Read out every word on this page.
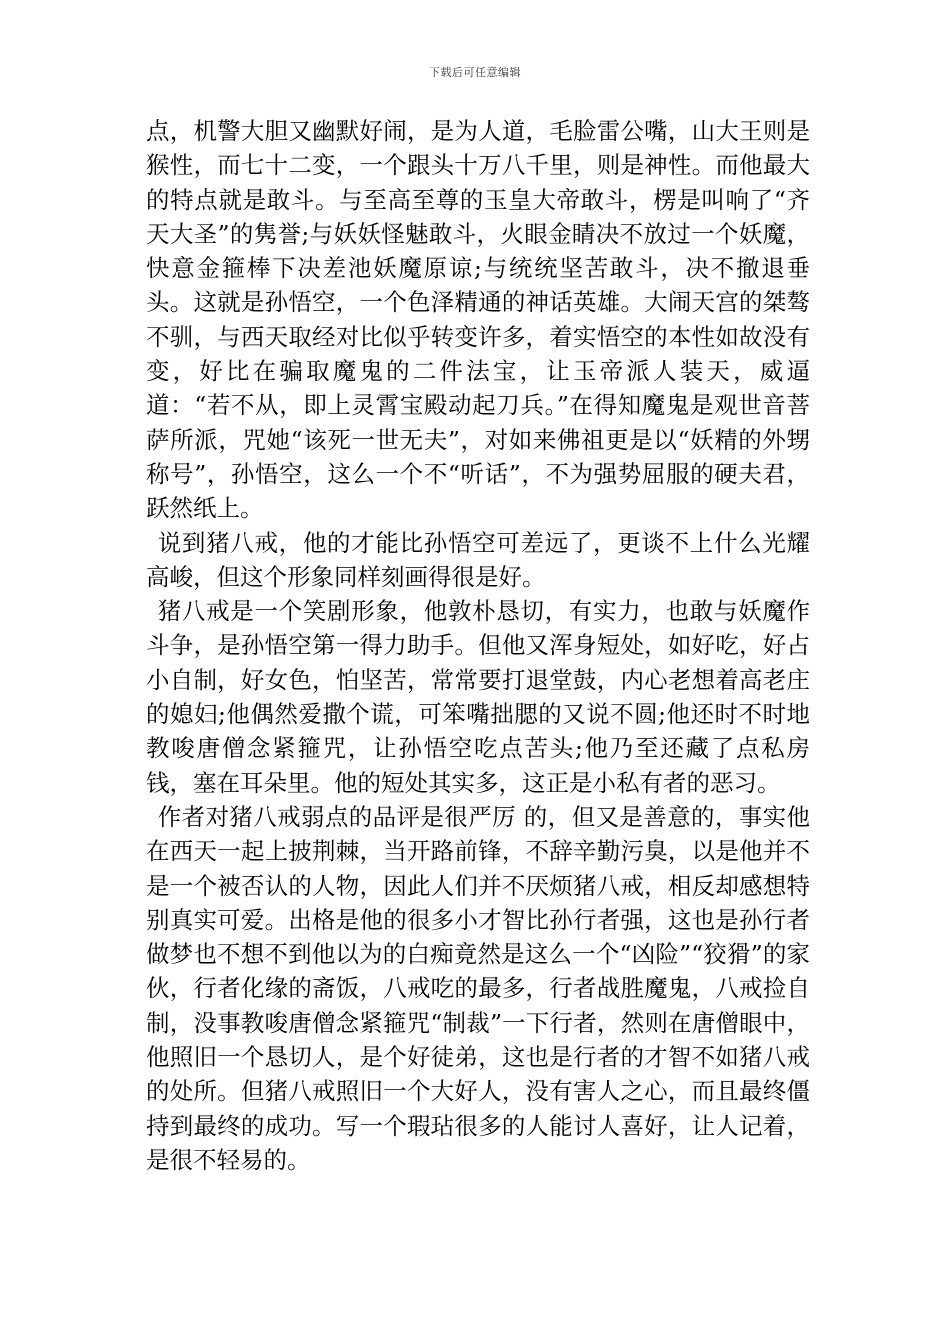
下载后可任意编辑

点，机警大胆又幽默好闹，是为人道，毛脸雷公嘴，山大王则是猴性，而七十二变，一个跟头十万八千里，则是神性。而他最大的特点就是敢斗。与至高至尊的玉皇大帝敢斗，楞是叫响了“齐天大圣”的隽誉;与妖妖怪魅敢斗，火眼金睛决不放过一个妖魔，快意金箍棒下决差池妖魔原谅;与统统坚苦敢斗，决不撤退垂头。这就是孙悟空，一个色泽精通的神话英雄。大闹天宫的桀骜不驯，与西天取经对比似乎转变许多，着实悟空的本性如故没有变，好比在骗取魔鬼的二件法宝，让玉帝派人装天，威逼道：“若不从，即上灵霄宝殿动起刀兵。”在得知魔鬼是观世音菩萨所派，咒她“该死一世无夫”，对如来佛祖更是以“妖精的外甥称号”，孙悟空，这么一个不“听话”，不为强势屈服的硬夫君，跃然纸上。

说到猪八戒，他的才能比孙悟空可差远了，更谈不上什么光耀高峻，但这个形象同样刻画得很是好。

猪八戒是一个笑剧形象，他敦朴恳切，有实力，也敢与妖魔作斗争，是孙悟空第一得力助手。但他又浑身短处，如好吃，好占小自制，好女色，怕坚苦，常常要打退堂鼓，内心老想着高老庄的媳妇;他偶然爱撒个谎，可笨嘴拙腮的又说不圆;他还时不时地教唆唐僧念紧箍咒，让孙悟空吃点苦头;他乃至还藏了点私房钱，塞在耳朵里。他的短处其实多，这正是小私有者的恶习。

作者对猪八戒弱点的品评是很严厉 的，但又是善意的，事实他在西天一起上披荆棘，当开路前锋，不辞辛勤污臭，以是他并不是一个被否认的人物，因此人们并不厌烦猪八戒，相反却感想特别真实可爱。出格是他的很多小才智比孙行者强，这也是孙行者做梦也不想不到他以为的白痴竟然是这么一个“凶险”“狡猾”的家伙，行者化缘的斋饭，八戒吃的最多，行者战胜魔鬼，八戒捡自制，没事教唆唐僧念紧箍咒“制裁”一下行者，然则在唐僧眼中，他照旧一个恳切人，是个好徒弟，这也是行者的才智不如猪八戒的处所。但猪八戒照旧一个大好人，没有害人之心，而且最终僵持到最终的成功。写一个瑕玷很多的人能讨人喜好，让人记着，是很不轻易的。
